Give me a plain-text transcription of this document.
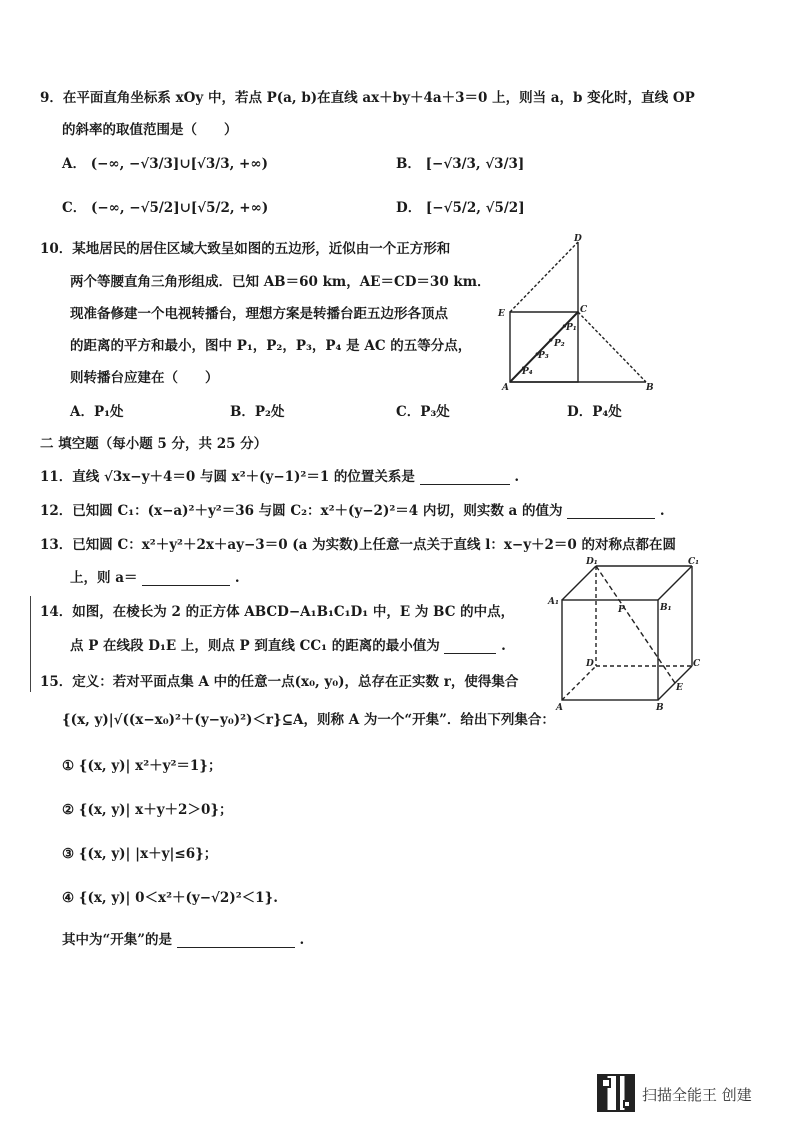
9．在平面直角坐标系 xOy 中，若点 P(a, b)在直线 ax＋by＋4a＋3＝0 上，则当 a，b 变化时，直线 OP
的斜率的取值范围是（　　）
A． (−∞, −√3/3]∪[√3/3, +∞)	B． [−√3/3, √3/3]
C． (−∞, −√5/2]∪[√5/2, +∞)	D． [−√5/2, √5/2]
10．某地居民的居住区域大致呈如图的五边形，近似由一个正方形和
两个等腰直角三角形组成．已知 AB＝60 km，AE＝CD＝30 km．
现准备修建一个电视转播台，理想方案是转播台距五边形各顶点
的距离的平方和最小，图中 P₁，P₂，P₃，P₄ 是 AC 的五等分点，
则转播台应建在（　　）
A．P₁处	B．P₂处	C．P₃处	D．P₄处
D
E	C
A	B
P₁
P₂
P₃
P₄
二 填空题（每小题 5 分，共 25 分）
11．直线 √3x−y＋4＝0 与圆 x²＋(y−1)²＝1 的位置关系是	.
12．已知圆 C₁：(x−a)²＋y²＝36 与圆 C₂：x²＋(y−2)²＝4 内切，则实数 a 的值为	.
13．已知圆 C：x²＋y²＋2x＋ay−3＝0 (a 为实数)上任意一点关于直线 l：x−y＋2＝0 的对称点都在圆
上，则 a＝	.
14．如图，在棱长为 2 的正方体 ABCD−A₁B₁C₁D₁ 中，E 为 BC 的中点，
点 P 在线段 D₁E 上，则点 P 到直线 CC₁ 的距离的最小值为	.
D₁	C₁
A₁
B₁
P
D	C
A
E
B
15．定义：若对平面点集 A 中的任意一点(x₀, y₀)，总存在正实数 r，使得集合
{(x, y)|√((x−x₀)²＋(y−y₀)²)＜r}⊆A，则称 A 为一个“开集”．给出下列集合：
① {(x, y)| x²＋y²＝1}；
② {(x, y)| x＋y＋2＞0}；
③ {(x, y)| |x＋y|≤6}；
④ {(x, y)| 0＜x²＋(y−√2)²＜1}.
其中为“开集”的是	.
扫描全能王 创建
